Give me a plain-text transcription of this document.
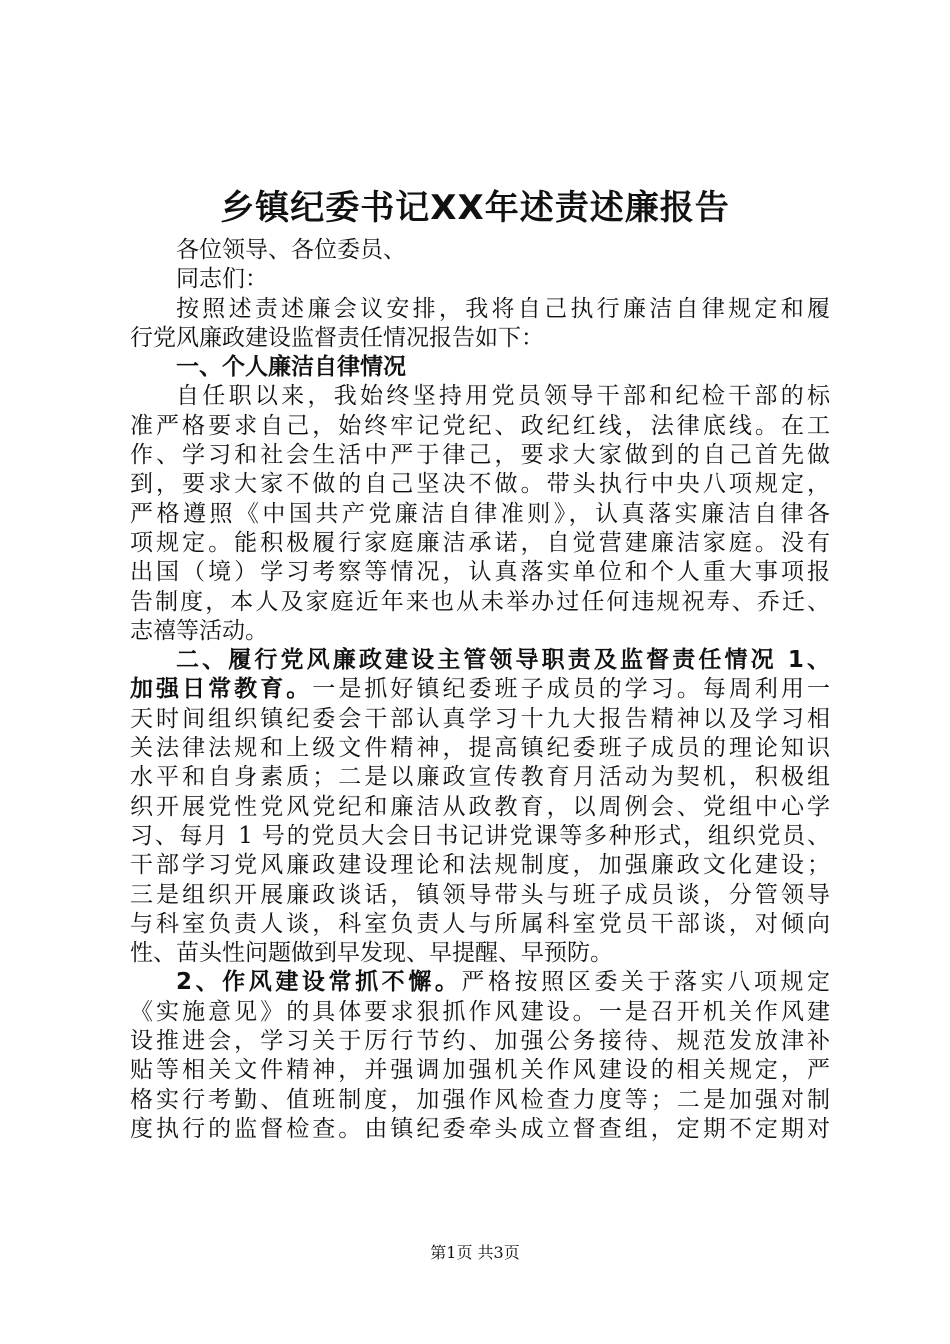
乡镇纪委书记XX年述责述廉报告
各位领导、各位委员、
同志们：
按照述责述廉会议安排，我将自己执行廉洁自律规定和履
行党风廉政建设监督责任情况报告如下：
一、个人廉洁自律情况
自任职以来，我始终坚持用党员领导干部和纪检干部的标
准严格要求自己，始终牢记党纪、政纪红线，法律底线。在工
作、学习和社会生活中严于律己，要求大家做到的自己首先做
到，要求大家不做的自己坚决不做。带头执行中央八项规定，
严格遵照《中国共产党廉洁自律准则》，认真落实廉洁自律各
项规定。能积极履行家庭廉洁承诺，自觉营建廉洁家庭。没有
出国（境）学习考察等情况，认真落实单位和个人重大事项报
告制度，本人及家庭近年来也从未举办过任何违规祝寿、乔迁、
志禧等活动。
二、履行党风廉政建设主管领导职责及监督责任情况 1、
加强日常教育。一是抓好镇纪委班子成员的学习。每周利用一
天时间组织镇纪委会干部认真学习十九大报告精神以及学习相
关法律法规和上级文件精神，提高镇纪委班子成员的理论知识
水平和自身素质；二是以廉政宣传教育月活动为契机，积极组
织开展党性党风党纪和廉洁从政教育，以周例会、党组中心学
习、每月 1 号的党员大会日书记讲党课等多种形式，组织党员、
干部学习党风廉政建设理论和法规制度，加强廉政文化建设；
三是组织开展廉政谈话，镇领导带头与班子成员谈，分管领导
与科室负责人谈，科室负责人与所属科室党员干部谈，对倾向
性、苗头性问题做到早发现、早提醒、早预防。
2、作风建设常抓不懈。严格按照区委关于落实八项规定
《实施意见》的具体要求狠抓作风建设。一是召开机关作风建
设推进会，学习关于厉行节约、加强公务接待、规范发放津补
贴等相关文件精神，并强调加强机关作风建设的相关规定，严
格实行考勤、值班制度，加强作风检查力度等；二是加强对制
度执行的监督检查。由镇纪委牵头成立督查组，定期不定期对
第1页 共3页
